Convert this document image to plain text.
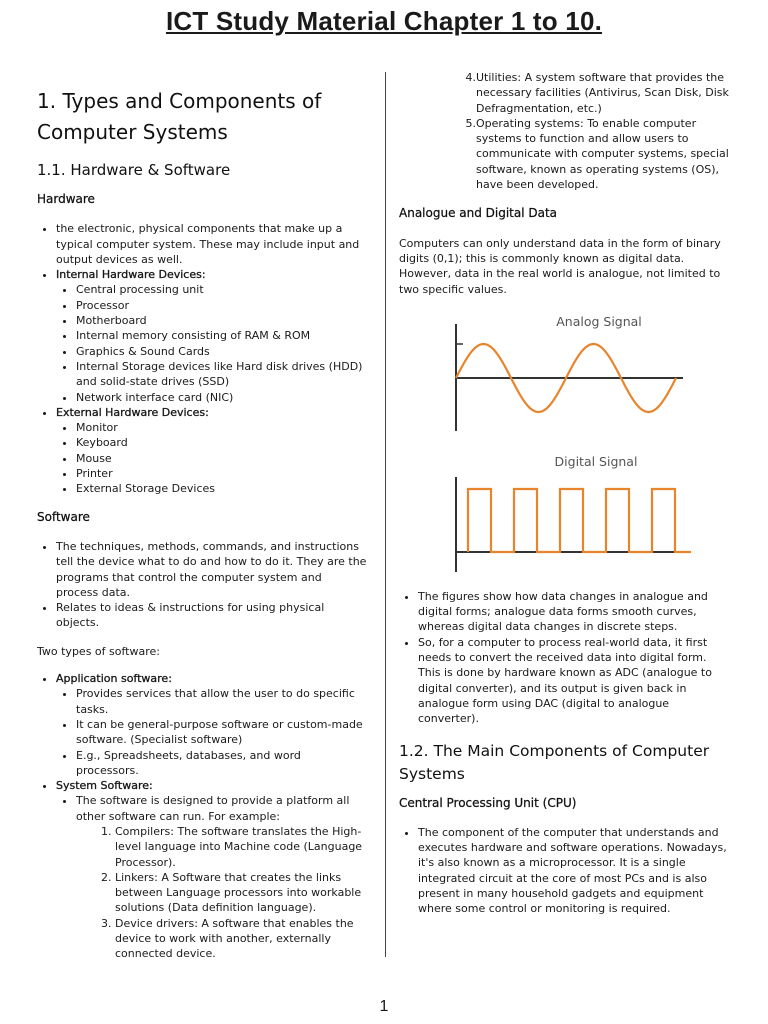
ICT Study Material Chapter 1 to 10.
1. Types and Components of Computer Systems
1.1. Hardware & Software
Hardware
• the electronic, physical components that make up a typical computer system. These may include input and output devices as well.
• Internal Hardware Devices:
• Central processing unit
• Processor
• Motherboard
• Internal memory consisting of RAM & ROM
• Graphics & Sound Cards
• Internal Storage devices like Hard disk drives (HDD) and solid-state drives (SSD)
• Network interface card (NIC)
• External Hardware Devices:
• Monitor
• Keyboard
• Mouse
• Printer
• External Storage Devices
Software
• The techniques, methods, commands, and instructions tell the device what to do and how to do it. They are the programs that control the computer system and process data.
• Relates to ideas & instructions for using physical objects.

Two types of software:

• Application software:
• Provides services that allow the user to do specific tasks.
• It can be general-purpose software or custom-made software. (Specialist software)
• E.g., Spreadsheets, databases, and word processors.
• System Software:
• The software is designed to provide a platform all other software can run. For example:
1. Compilers: The software translates the High-level language into Machine code (Language Processor).
2. Linkers: A Software that creates the links between Language processors into workable solutions (Data definition language).
3. Device drivers: A software that enables the device to work with another, externally connected device.
4. Utilities: A system software that provides the necessary facilities (Antivirus, Scan Disk, Disk Defragmentation, etc.)
5. Operating systems: To enable computer systems to function and allow users to communicate with computer systems, special software, known as operating systems (OS), have been developed.
Analogue and Digital Data

Computers can only understand data in the form of binary digits (0,1); this is commonly known as digital data. However, data in the real world is analogue, not limited to two specific values.

Analog Signal
Digital Signal
• The figures show how data changes in analogue and digital forms; analogue data forms smooth curves, whereas digital data changes in discrete steps.
• So, for a computer to process real-world data, it first needs to convert the received data into digital form. This is done by hardware known as ADC (analogue to digital converter), and its output is given back in analogue form using DAC (digital to analogue converter).
1.2. The Main Components of Computer Systems
Central Processing Unit (CPU)
• The component of the computer that understands and executes hardware and software operations. Nowadays, it's also known as a microprocessor. It is a single integrated circuit at the core of most PCs and is also present in many household gadgets and equipment where some control or monitoring is required.
1
